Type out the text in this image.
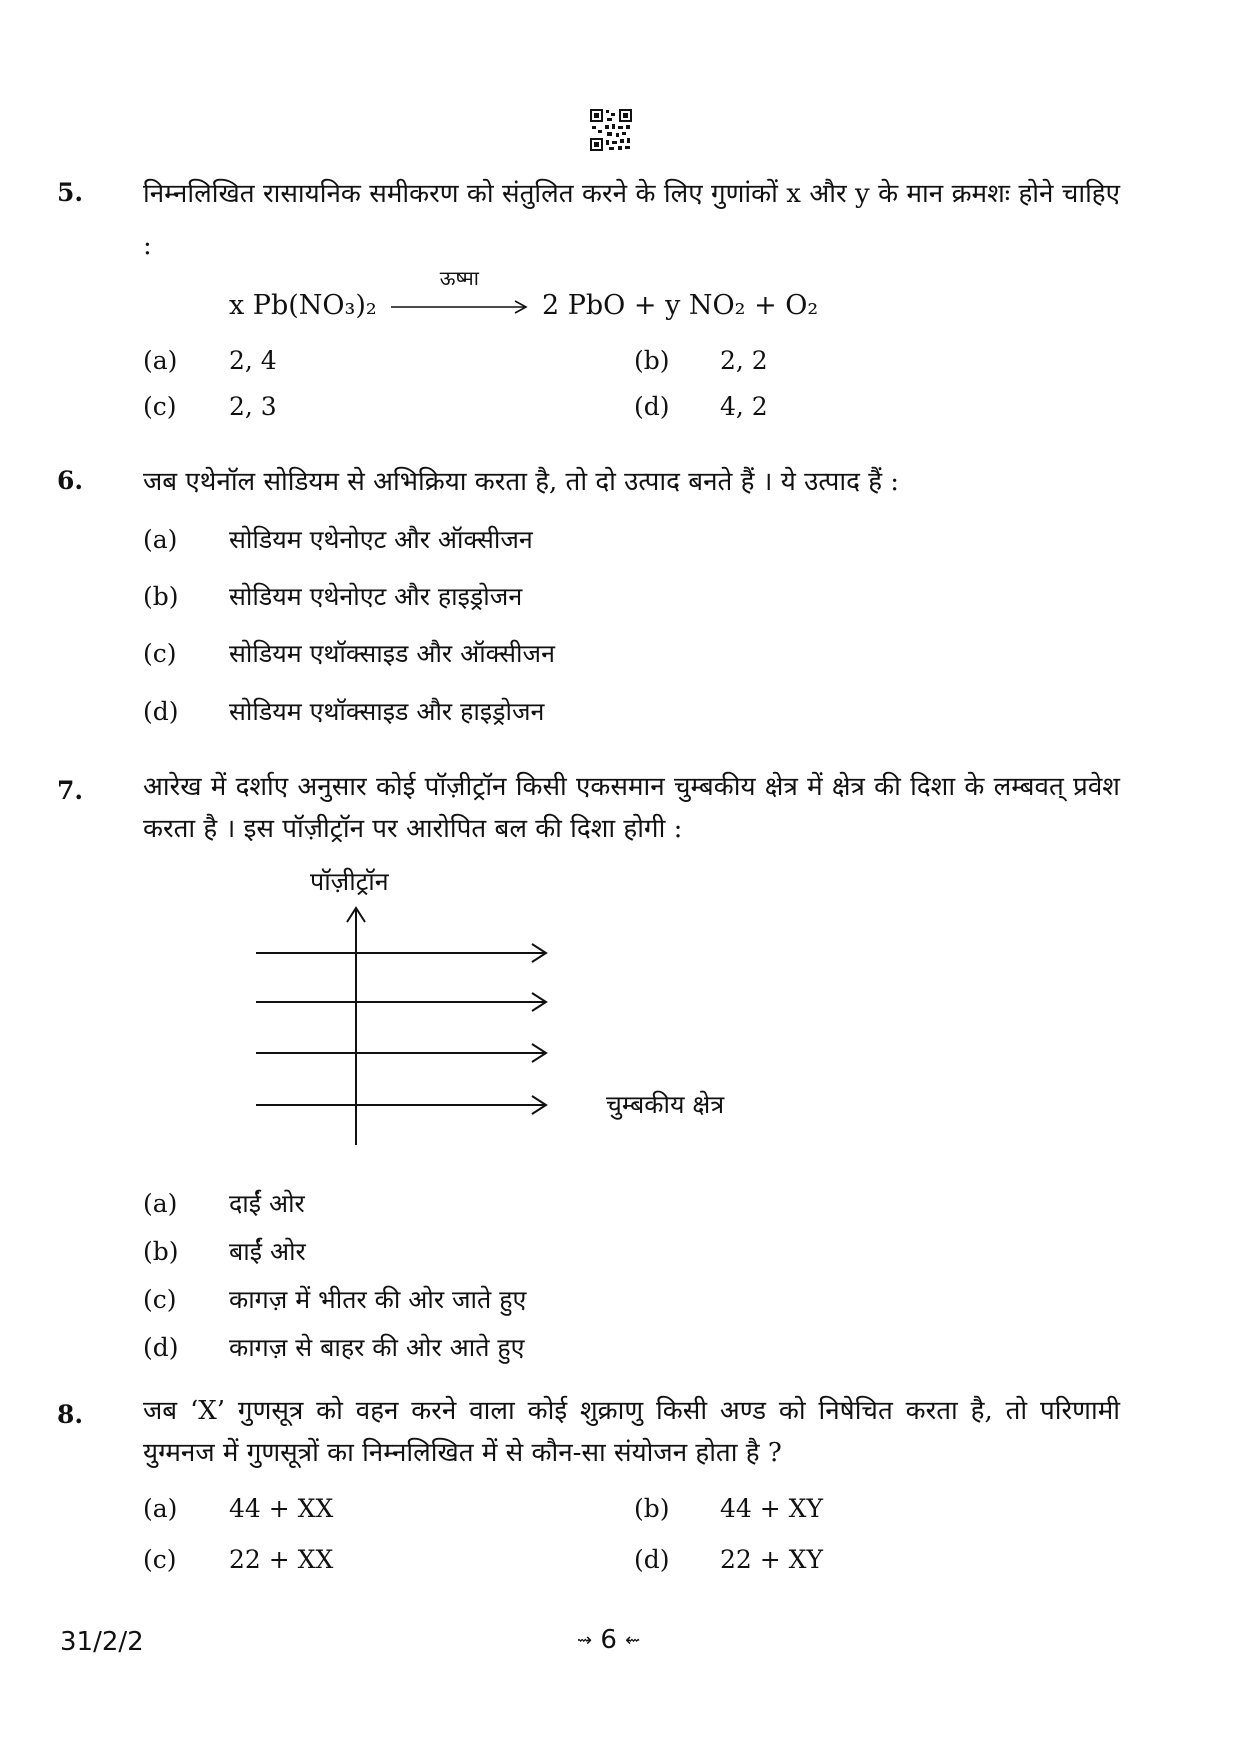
5. निम्नलिखित रासायनिक समीकरण को संतुलित करने के लिए गुणांकों x और y के मान क्रमशः होने चाहिए :
x Pb(NO₃)₂
ऊष्मा
2 PbO + y NO₂ + O₂
(a) 2, 4	(b) 2, 2
(c) 2, 3	(d) 4, 2
6. जब एथेनॉल सोडियम से अभिक्रिया करता है, तो दो उत्पाद बनते हैं । ये उत्पाद हैं :
(a) सोडियम एथेनोएट और ऑक्सीजन
(b) सोडियम एथेनोएट और हाइड्रोजन
(c) सोडियम एथॉक्साइड और ऑक्सीजन
(d) सोडियम एथॉक्साइड और हाइड्रोजन
7. आरेख में दर्शाए अनुसार कोई पॉज़ीट्रॉन किसी एकसमान चुम्बकीय क्षेत्र में क्षेत्र की दिशा के लम्बवत् प्रवेश करता है । इस पॉज़ीट्रॉन पर आरोपित बल की दिशा होगी :
पॉज़ीट्रॉन
चुम्बकीय क्षेत्र
(a) दाईं ओर
(b) बाईं ओर
(c) कागज़ में भीतर की ओर जाते हुए
(d) कागज़ से बाहर की ओर आते हुए
8. जब ‘X’ गुणसूत्र को वहन करने वाला कोई शुक्राणु किसी अण्ड को निषेचित करता है, तो परिणामी युग्मनज में गुणसूत्रों का निम्नलिखित में से कौन-सा संयोजन होता है ?
(a) 44 + XX	(b) 44 + XY
(c) 22 + XX	(d) 22 + XY
31/2/2	⇝ 6 ⇜
